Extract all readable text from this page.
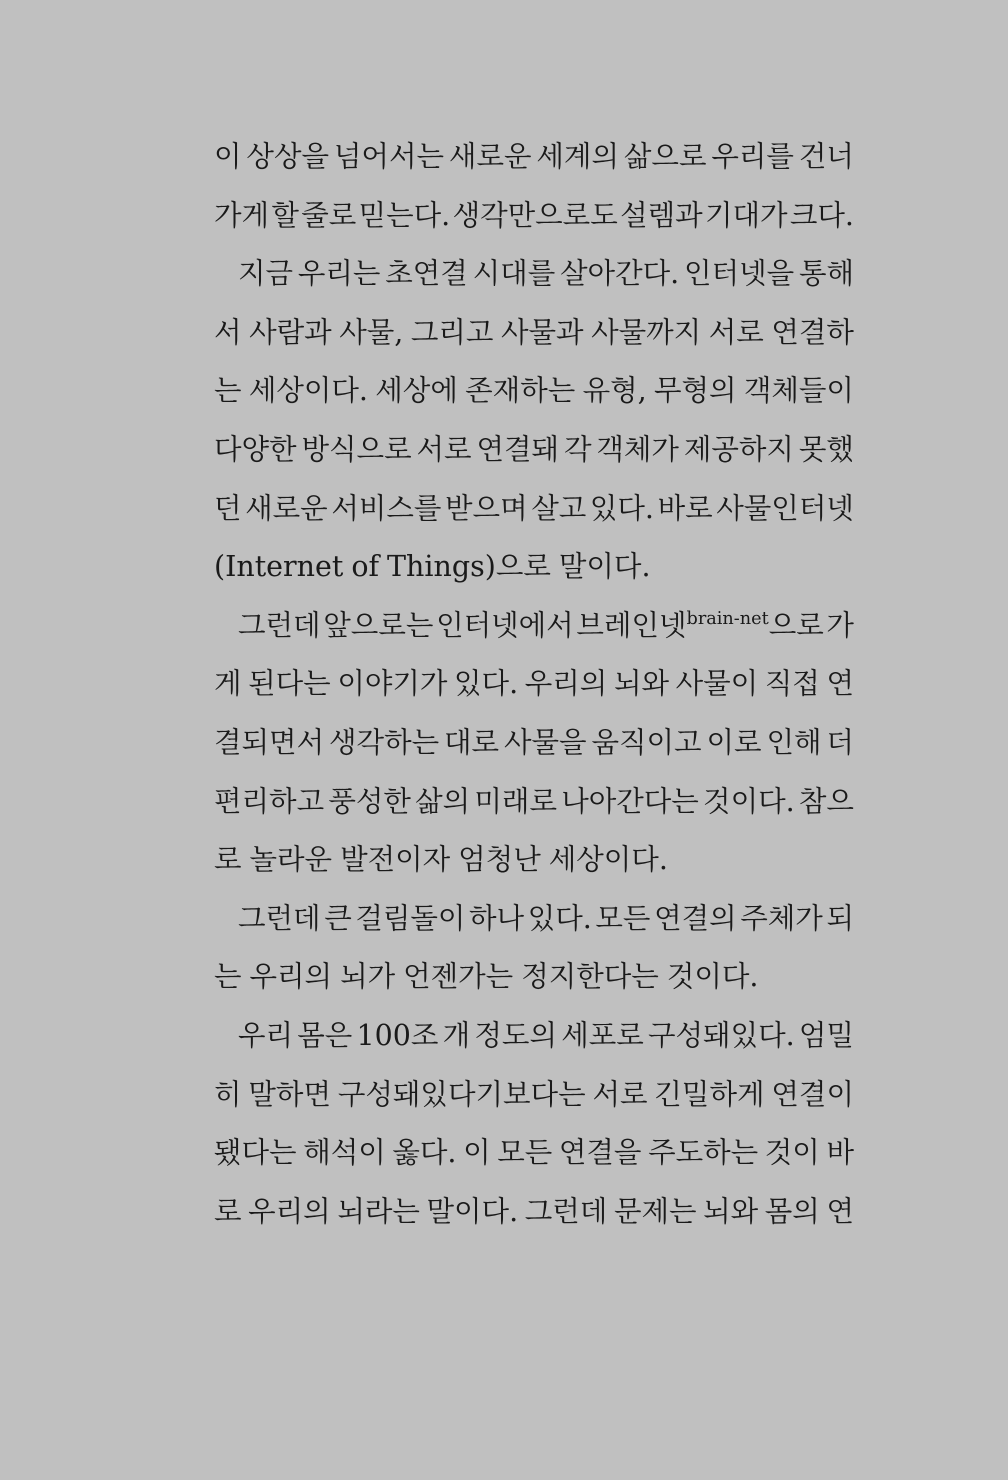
이 상상을 넘어서는 새로운 세계의 삶으로 우리를 건너
가게 할 줄로 믿는다. 생각만으로도 설렘과 기대가 크다.
지금 우리는 초연결 시대를 살아간다. 인터넷을 통해
서 사람과 사물, 그리고 사물과 사물까지 서로 연결하
는 세상이다. 세상에 존재하는 유형, 무형의 객체들이
다양한 방식으로 서로 연결돼 각 객체가 제공하지 못했
던 새로운 서비스를 받으며 살고 있다. 바로 사물인터넷
(Internet of Things)으로 말이다.
그런데 앞으로는 인터넷에서 브레인넷$^{brain-net}$으로 가
게 된다는 이야기가 있다. 우리의 뇌와 사물이 직접 연
결되면서 생각하는 대로 사물을 움직이고 이로 인해 더
편리하고 풍성한 삶의 미래로 나아간다는 것이다. 참으
로 놀라운 발전이자 엄청난 세상이다.
그런데 큰 걸림돌이 하나 있다. 모든 연결의 주체가 되
는 우리의 뇌가 언젠가는 정지한다는 것이다.
우리 몸은 100조 개 정도의 세포로 구성돼있다. 엄밀
히 말하면 구성돼있다기보다는 서로 긴밀하게 연결이
됐다는 해석이 옳다. 이 모든 연결을 주도하는 것이 바
로 우리의 뇌라는 말이다. 그런데 문제는 뇌와 몸의 연
